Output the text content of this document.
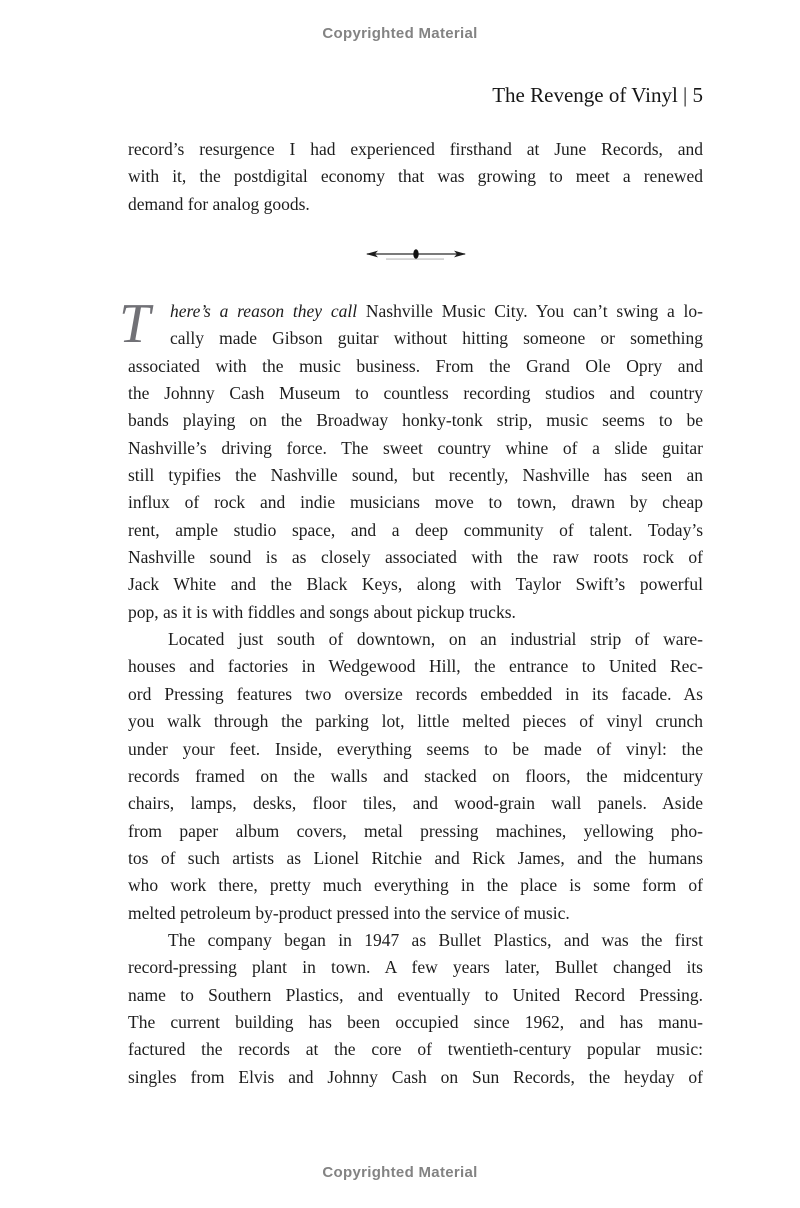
Copyrighted Material
The Revenge of Vinyl | 5
record’s resurgence I had experienced firsthand at June Records, and
with it, the postdigital economy that was growing to meet a renewed
demand for analog goods.
T	here’s a reason they call Nashville Music City. You can’t swing a lo-
cally made Gibson guitar without hitting someone or something
associated with the music business. From the Grand Ole Opry and
the Johnny Cash Museum to countless recording studios and country
bands playing on the Broadway honky-tonk strip, music seems to be
Nashville’s driving force. The sweet country whine of a slide guitar
still typifies the Nashville sound, but recently, Nashville has seen an
influx of rock and indie musicians move to town, drawn by cheap
rent, ample studio space, and a deep community of talent. Today’s
Nashville sound is as closely associated with the raw roots rock of
Jack White and the Black Keys, along with Taylor Swift’s powerful
pop, as it is with fiddles and songs about pickup trucks.
Located just south of downtown, on an industrial strip of ware-
houses and factories in Wedgewood Hill, the entrance to United Rec-
ord Pressing features two oversize records embedded in its facade. As
you walk through the parking lot, little melted pieces of vinyl crunch
under your feet. Inside, everything seems to be made of vinyl: the
records framed on the walls and stacked on floors, the midcentury
chairs, lamps, desks, floor tiles, and wood-grain wall panels. Aside
from paper album covers, metal pressing machines, yellowing pho-
tos of such artists as Lionel Ritchie and Rick James, and the humans
who work there, pretty much everything in the place is some form of
melted petroleum by-product pressed into the service of music.
The company began in 1947 as Bullet Plastics, and was the first
record-pressing plant in town. A few years later, Bullet changed its
name to Southern Plastics, and eventually to United Record Pressing.
The current building has been occupied since 1962, and has manu-
factured the records at the core of twentieth-century popular music:
singles from Elvis and Johnny Cash on Sun Records, the heyday of
Copyrighted Material
